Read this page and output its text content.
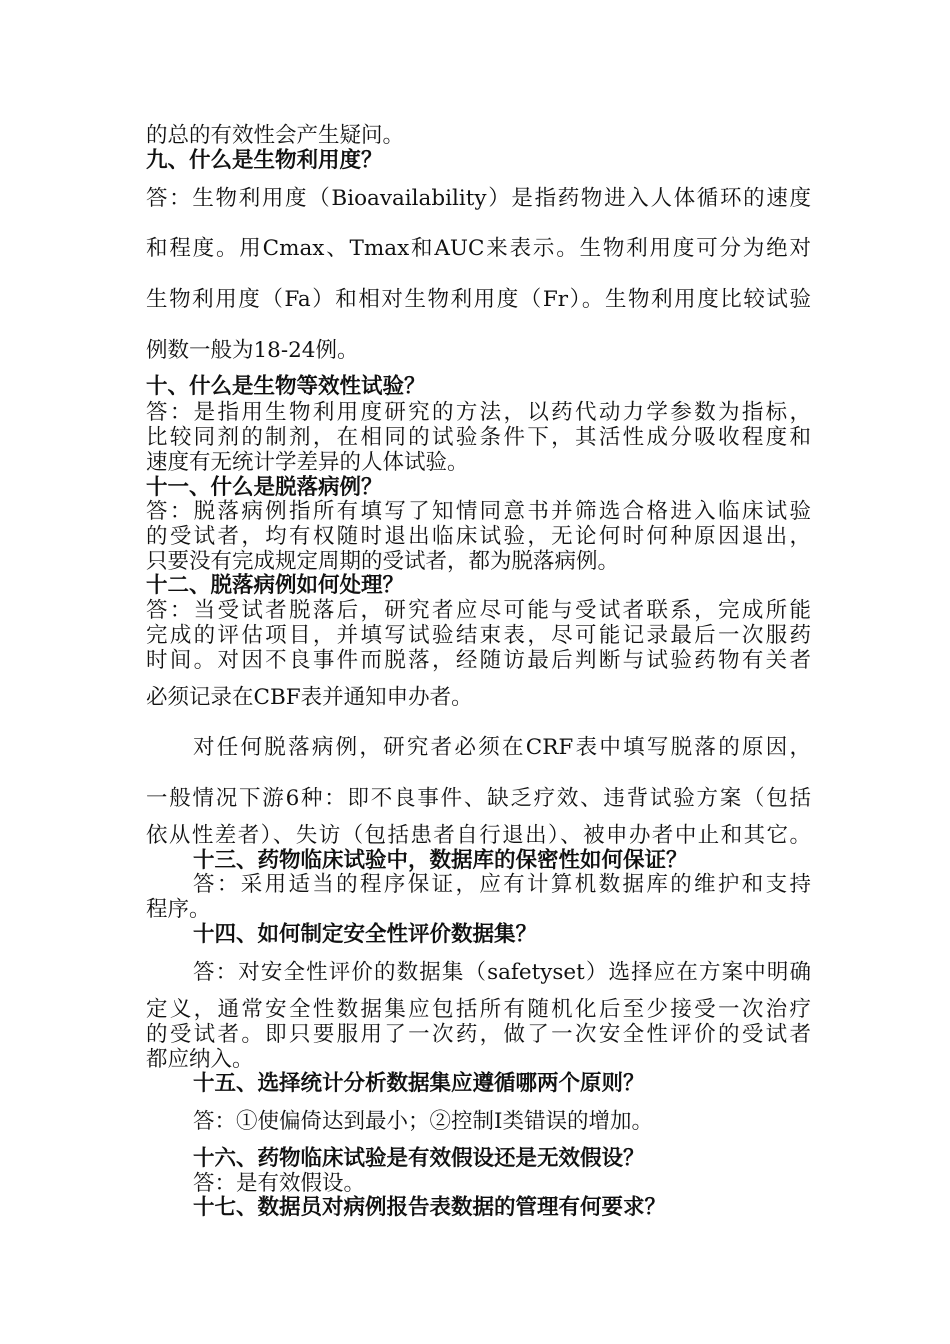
的总的有效性会产生疑问。
九、什么是生物利用度？
答：生物利用度（Bioavailability）是指药物进入人体循环的速度
和程度。用Cmax、Tmax和AUC来表示。生物利用度可分为绝对
生物利用度（Fa）和相对生物利用度（Fr）。生物利用度比较试验
例数一般为18-24例。
十、什么是生物等效性试验？
答：是指用生物利用度研究的方法，以药代动力学参数为指标，
比较同剂的制剂，在相同的试验条件下，其活性成分吸收程度和
速度有无统计学差异的人体试验。
十一、什么是脱落病例？
答：脱落病例指所有填写了知情同意书并筛选合格进入临床试验
的受试者，均有权随时退出临床试验，无论何时何种原因退出，
只要没有完成规定周期的受试者，都为脱落病例。
十二、脱落病例如何处理？
答：当受试者脱落后，研究者应尽可能与受试者联系，完成所能
完成的评估项目，并填写试验结束表，尽可能记录最后一次服药
时间。对因不良事件而脱落，经随访最后判断与试验药物有关者
必须记录在CBF表并通知申办者。
对任何脱落病例，研究者必须在CRF表中填写脱落的原因，
一般情况下游6种：即不良事件、缺乏疗效、违背试验方案（包括
依从性差者）、失访（包括患者自行退出）、被申办者中止和其它。
十三、药物临床试验中，数据库的保密性如何保证？
答：采用适当的程序保证，应有计算机数据库的维护和支持
程序。
十四、如何制定安全性评价数据集？
答：对安全性评价的数据集（safetyset）选择应在方案中明确
定义，通常安全性数据集应包括所有随机化后至少接受一次治疗
的受试者。即只要服用了一次药，做了一次安全性评价的受试者
都应纳入。
十五、选择统计分析数据集应遵循哪两个原则？
答：①使偏倚达到最小；②控制I类错误的增加。
十六、药物临床试验是有效假设还是无效假设？
答：是有效假设。
十七、数据员对病例报告表数据的管理有何要求？
